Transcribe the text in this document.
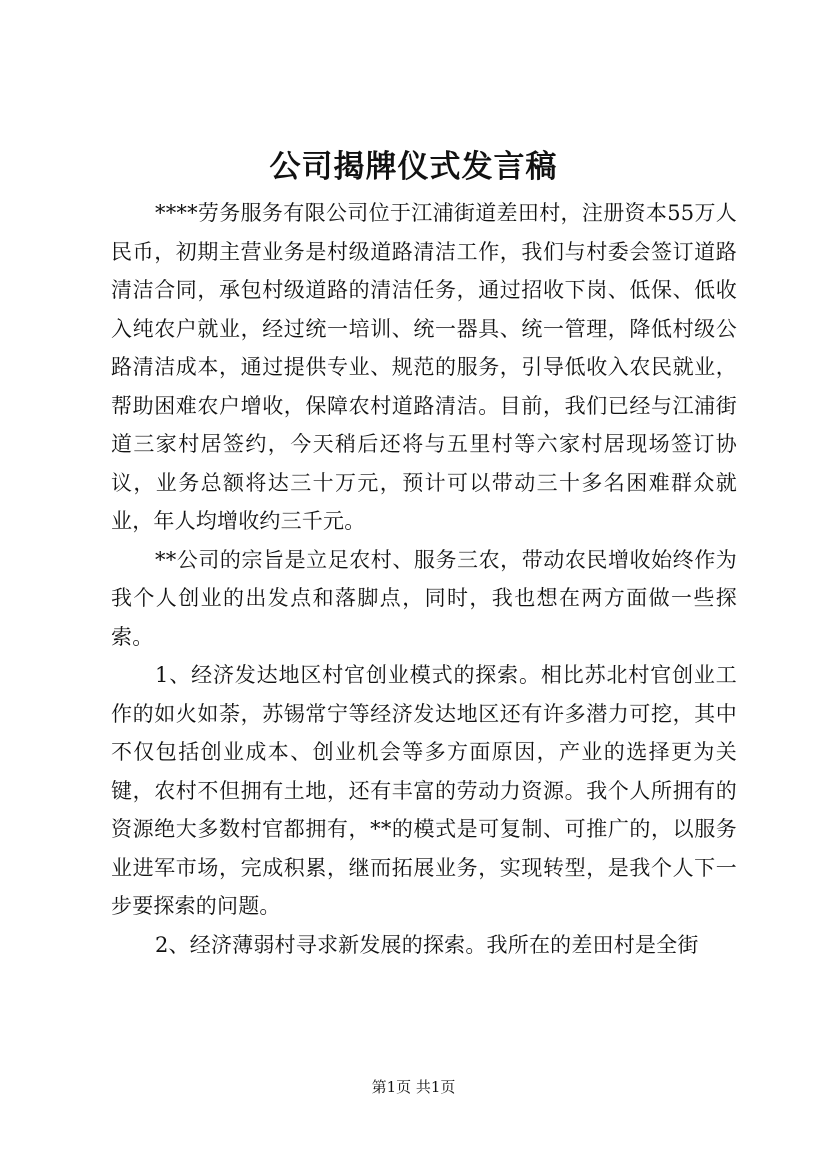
公司揭牌仪式发言稿

****劳务服务有限公司位于江浦街道差田村，注册资本55万人民币，初期主营业务是村级道路清洁工作，我们与村委会签订道路清洁合同，承包村级道路的清洁任务，通过招收下岗、低保、低收入纯农户就业，经过统一培训、统一器具、统一管理，降低村级公路清洁成本，通过提供专业、规范的服务，引导低收入农民就业，帮助困难农户增收，保障农村道路清洁。目前，我们已经与江浦街道三家村居签约，今天稍后还将与五里村等六家村居现场签订协议，业务总额将达三十万元，预计可以带动三十多名困难群众就业，年人均增收约三千元。

**公司的宗旨是立足农村、服务三农，带动农民增收始终作为我个人创业的出发点和落脚点，同时，我也想在两方面做一些探索。

1、经济发达地区村官创业模式的探索。相比苏北村官创业工作的如火如荼，苏锡常宁等经济发达地区还有许多潜力可挖，其中不仅包括创业成本、创业机会等多方面原因，产业的选择更为关键，农村不但拥有土地，还有丰富的劳动力资源。我个人所拥有的资源绝大多数村官都拥有，**的模式是可复制、可推广的，以服务业进军市场，完成积累，继而拓展业务，实现转型，是我个人下一步要探索的问题。

2、经济薄弱村寻求新发展的探索。我所在的差田村是全街

第1页 共1页
